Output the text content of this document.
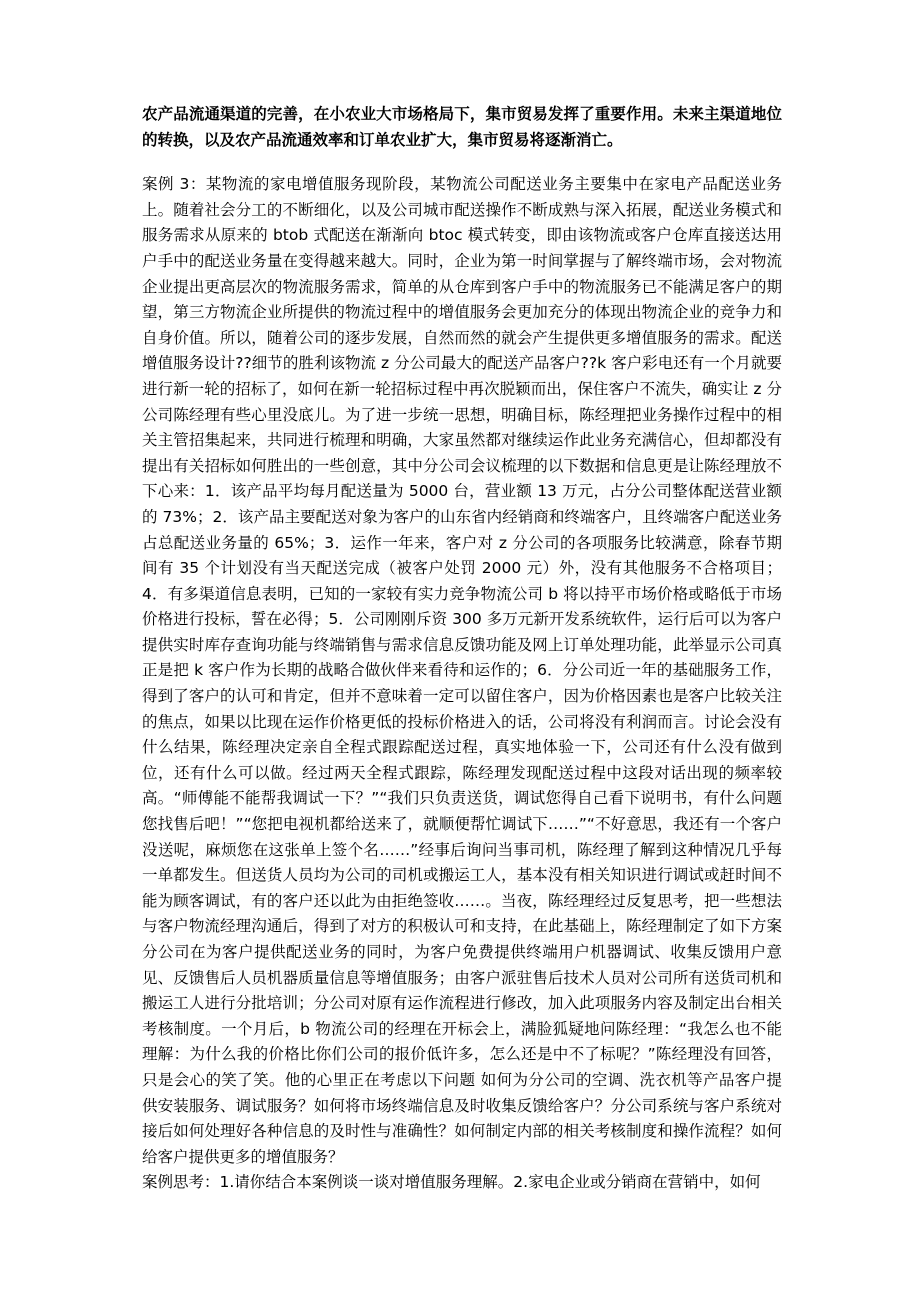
农产品流通渠道的完善，在小农业大市场格局下，集市贸易发挥了重要作用。未来主渠道地位的转换，以及农产品流通效率和订单农业扩大，集市贸易将逐渐消亡。

案例 3：某物流的家电增值服务现阶段，某物流公司配送业务主要集中在家电产品配送业务上。随着社会分工的不断细化，以及公司城市配送操作不断成熟与深入拓展，配送业务模式和服务需求从原来的 btob 式配送在渐渐向 btoc 模式转变，即由该物流或客户仓库直接送达用户手中的配送业务量在变得越来越大。同时，企业为第一时间掌握与了解终端市场，会对物流企业提出更高层次的物流服务需求，简单的从仓库到客户手中的物流服务已不能满足客户的期望，第三方物流企业所提供的物流过程中的增值服务会更加充分的体现出物流企业的竞争力和自身价值。所以，随着公司的逐步发展，自然而然的就会产生提供更多增值服务的需求。配送增值服务设计??细节的胜利该物流 z 分公司最大的配送产品客户??k 客户彩电还有一个月就要进行新一轮的招标了，如何在新一轮招标过程中再次脱颖而出，保住客户不流失，确实让 z 分公司陈经理有些心里没底儿。为了进一步统一思想，明确目标，陈经理把业务操作过程中的相关主管招集起来，共同进行梳理和明确，大家虽然都对继续运作此业务充满信心，但却都没有提出有关招标如何胜出的一些创意，其中分公司会议梳理的以下数据和信息更是让陈经理放不下心来：1．该产品平均每月配送量为 5000 台，营业额 13 万元，占分公司整体配送营业额的 73%；2．该产品主要配送对象为客户的山东省内经销商和终端客户，且终端客户配送业务占总配送业务量的 65%；3．运作一年来，客户对 z 分公司的各项服务比较满意，除春节期间有 35 个计划没有当天配送完成（被客户处罚 2000 元）外，没有其他服务不合格项目；4．有多渠道信息表明，已知的一家较有实力竞争物流公司 b 将以持平市场价格或略低于市场价格进行投标，誓在必得；5．公司刚刚斥资 300 多万元新开发系统软件，运行后可以为客户提供实时库存查询功能与终端销售与需求信息反馈功能及网上订单处理功能，此举显示公司真正是把 k 客户作为长期的战略合做伙伴来看待和运作的；6．分公司近一年的基础服务工作，得到了客户的认可和肯定，但并不意味着一定可以留住客户，因为价格因素也是客户比较关注的焦点，如果以比现在运作价格更低的投标价格进入的话，公司将没有利润而言。讨论会没有什么结果，陈经理决定亲自全程式跟踪配送过程，真实地体验一下，公司还有什么没有做到位，还有什么可以做。经过两天全程式跟踪，陈经理发现配送过程中这段对话出现的频率较高。“师傅能不能帮我调试一下？”“我们只负责送货，调试您得自己看下说明书，有什么问题您找售后吧！”“您把电视机都给送来了，就顺便帮忙调试下……”“不好意思，我还有一个客户没送呢，麻烦您在这张单上签个名……”经事后询问当事司机，陈经理了解到这种情况几乎每一单都发生。但送货人员均为公司的司机或搬运工人，基本没有相关知识进行调试或赶时间不能为顾客调试，有的客户还以此为由拒绝签收……。当夜，陈经理经过反复思考，把一些想法与客户物流经理沟通后，得到了对方的积极认可和支持，在此基础上，陈经理制定了如下方案 分公司在为客户提供配送业务的同时，为客户免费提供终端用户机器调试、收集反馈用户意见、反馈售后人员机器质量信息等增值服务；由客户派驻售后技术人员对公司所有送货司机和搬运工人进行分批培训；分公司对原有运作流程进行修改，加入此项服务内容及制定出台相关考核制度。一个月后，b 物流公司的经理在开标会上，满脸狐疑地问陈经理：“我怎么也不能理解：为什么我的价格比你们公司的报价低许多，怎么还是中不了标呢？”陈经理没有回答，只是会心的笑了笑。他的心里正在考虑以下问题 如何为分公司的空调、洗衣机等产品客户提供安装服务、调试服务？如何将市场终端信息及时收集反馈给客户？分公司系统与客户系统对接后如何处理好各种信息的及时性与准确性？如何制定内部的相关考核制度和操作流程？如何给客户提供更多的增值服务？

案例思考：1.请你结合本案例谈一谈对增值服务理解。2.家电企业或分销商在营销中，如何
